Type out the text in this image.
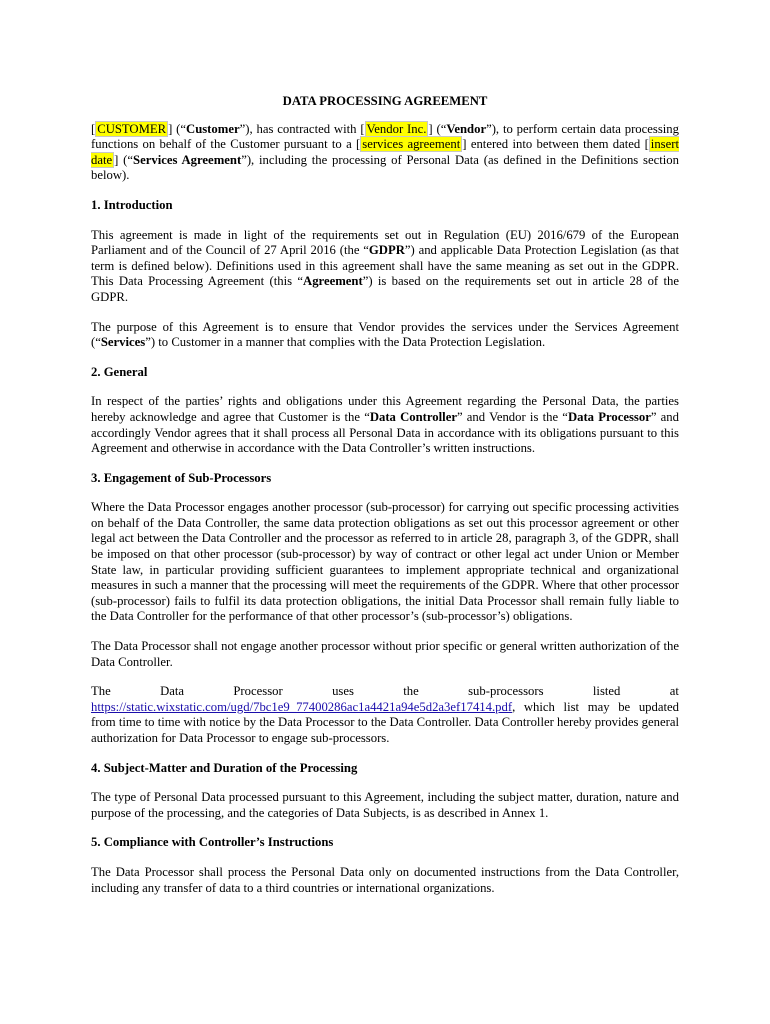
DATA PROCESSING AGREEMENT

[ CUSTOMER ] (“Customer”), has contracted with [ Vendor Inc. ] (“Vendor”), to perform certain data processing functions on behalf of the Customer pursuant to a [ services agreement ] entered into between them dated [ insert date ] (“Services Agreement”), including the processing of Personal Data (as defined in the Definitions section below).

1. Introduction

This agreement is made in light of the requirements set out in Regulation (EU) 2016/679 of the European Parliament and of the Council of 27 April 2016 (the “GDPR”) and applicable Data Protection Legislation (as that term is defined below). Definitions used in this agreement shall have the same meaning as set out in the GDPR. This Data Processing Agreement (this “Agreement”) is based on the requirements set out in article 28 of the GDPR.

The purpose of this Agreement is to ensure that Vendor provides the services under the Services Agreement (“Services”) to Customer in a manner that complies with the Data Protection Legislation.

2. General

In respect of the parties’ rights and obligations under this Agreement regarding the Personal Data, the parties hereby acknowledge and agree that Customer is the “Data Controller” and Vendor is the “Data Processor” and accordingly Vendor agrees that it shall process all Personal Data in accordance with its obligations pursuant to this Agreement and otherwise in accordance with the Data Controller’s written instructions.

3. Engagement of Sub-Processors

Where the Data Processor engages another processor (sub-processor) for carrying out specific processing activities on behalf of the Data Controller, the same data protection obligations as set out this processor agreement or other legal act between the Data Controller and the processor as referred to in article 28, paragraph 3, of the GDPR, shall be imposed on that other processor (sub-processor) by way of contract or other legal act under Union or Member State law, in particular providing sufficient guarantees to implement appropriate technical and organizational measures in such a manner that the processing will meet the requirements of the GDPR. Where that other processor (sub-processor) fails to fulfil its data protection obligations, the initial Data Processor shall remain fully liable to the Data Controller for the performance of that other processor’s (sub-processor’s) obligations.

The Data Processor shall not engage another processor without prior specific or general written authorization of the Data Controller.

The	Data	Processor	uses	the	sub-processors	listed	at
https://static.wixstatic.com/ugd/7bc1e9_77400286ac1a4421a94e5d2a3ef17414.pdf, which list may be updated from time to time with notice by the Data Processor to the Data Controller. Data Controller hereby provides general authorization for Data Processor to engage sub-processors.
4. Subject-Matter and Duration of the Processing

The type of Personal Data processed pursuant to this Agreement, including the subject matter, duration, nature and purpose of the processing, and the categories of Data Subjects, is as described in Annex 1.

5. Compliance with Controller’s Instructions

The Data Processor shall process the Personal Data only on documented instructions from the Data Controller, including any transfer of data to a third countries or international organizations.
